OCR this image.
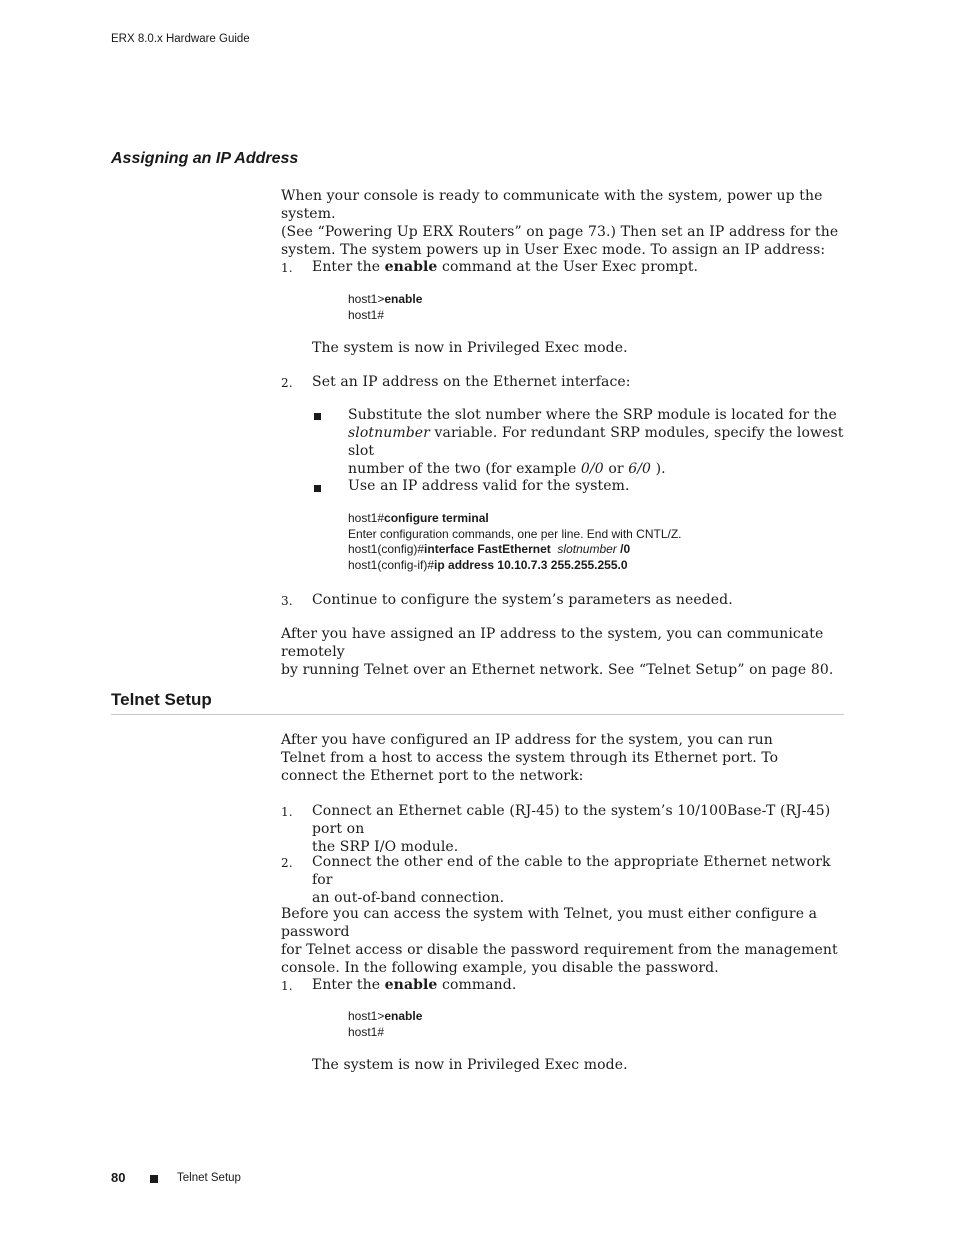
ERX 8.0.x Hardware Guide
Assigning an IP Address
When your console is ready to communicate with the system, power up the system.
(See “Powering Up ERX Routers” on page 73.) Then set an IP address for the
system. The system powers up in User Exec mode. To assign an IP address:
1.	Enter the enable command at the User Exec prompt.
host1>enable
host1#
The system is now in Privileged Exec mode.
2.	Set an IP address on the Ethernet interface:
Substitute the slot number where the SRP module is located for the
slotnumber variable. For redundant SRP modules, specify the lowest slot
number of the two (for example 0/0 or 6/0 ).
Use an IP address valid for the system.
host1#configure terminal
Enter configuration commands, one per line. End with CNTL/Z.
host1(config)#interface FastEthernet slotnumber /0
host1(config-if)#ip address 10.10.7.3 255.255.255.0
3.	Continue to configure the system’s parameters as needed.
After you have assigned an IP address to the system, you can communicate remotely
by running Telnet over an Ethernet network. See “Telnet Setup” on page 80.
Telnet Setup
After you have configured an IP address for the system, you can run
Telnet from a host to access the system through its Ethernet port. To
connect the Ethernet port to the network:
1.	Connect an Ethernet cable (RJ-45) to the system’s 10/100Base-T (RJ-45) port on
the SRP I/O module.
2.	Connect the other end of the cable to the appropriate Ethernet network for
an out-of-band connection.
Before you can access the system with Telnet, you must either configure a password
for Telnet access or disable the password requirement from the management
console. In the following example, you disable the password.
1.	Enter the enable command.
host1>enable
host1#
The system is now in Privileged Exec mode.
80	Telnet Setup
